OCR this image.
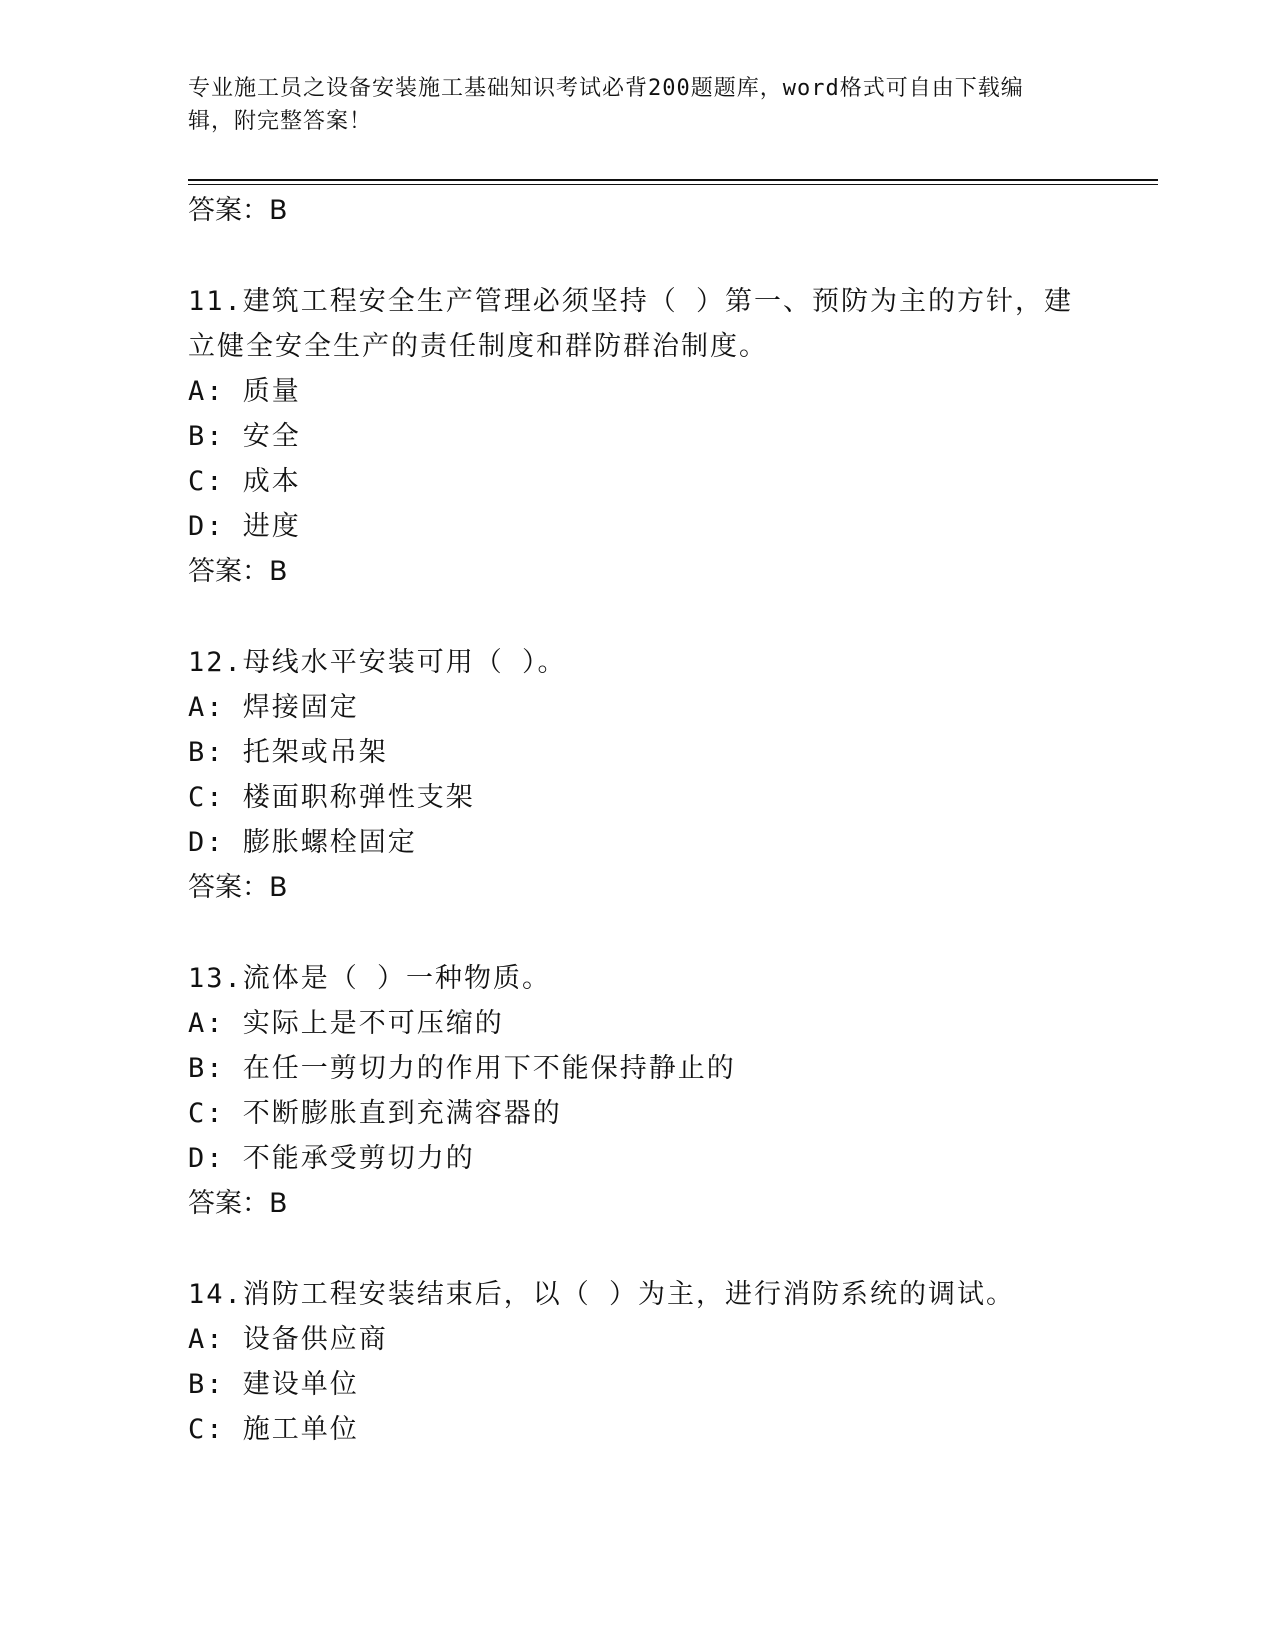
专业施工员之设备安装施工基础知识考试必背200题题库，word格式可自由下载编辑，附完整答案！
答案：B
11.建筑工程安全生产管理必须坚持（ ）第一、预防为主的方针，建立健全安全生产的责任制度和群防群治制度。
A: 质量
B: 安全
C: 成本
D: 进度
答案：B
12.母线水平安装可用（ ）。
A: 焊接固定
B: 托架或吊架
C: 楼面职称弹性支架
D: 膨胀螺栓固定
答案：B
13.流体是（ ）一种物质。
A: 实际上是不可压缩的
B: 在任一剪切力的作用下不能保持静止的
C: 不断膨胀直到充满容器的
D: 不能承受剪切力的
答案：B
14.消防工程安装结束后，以（ ）为主，进行消防系统的调试。
A: 设备供应商
B: 建设单位
C: 施工单位
